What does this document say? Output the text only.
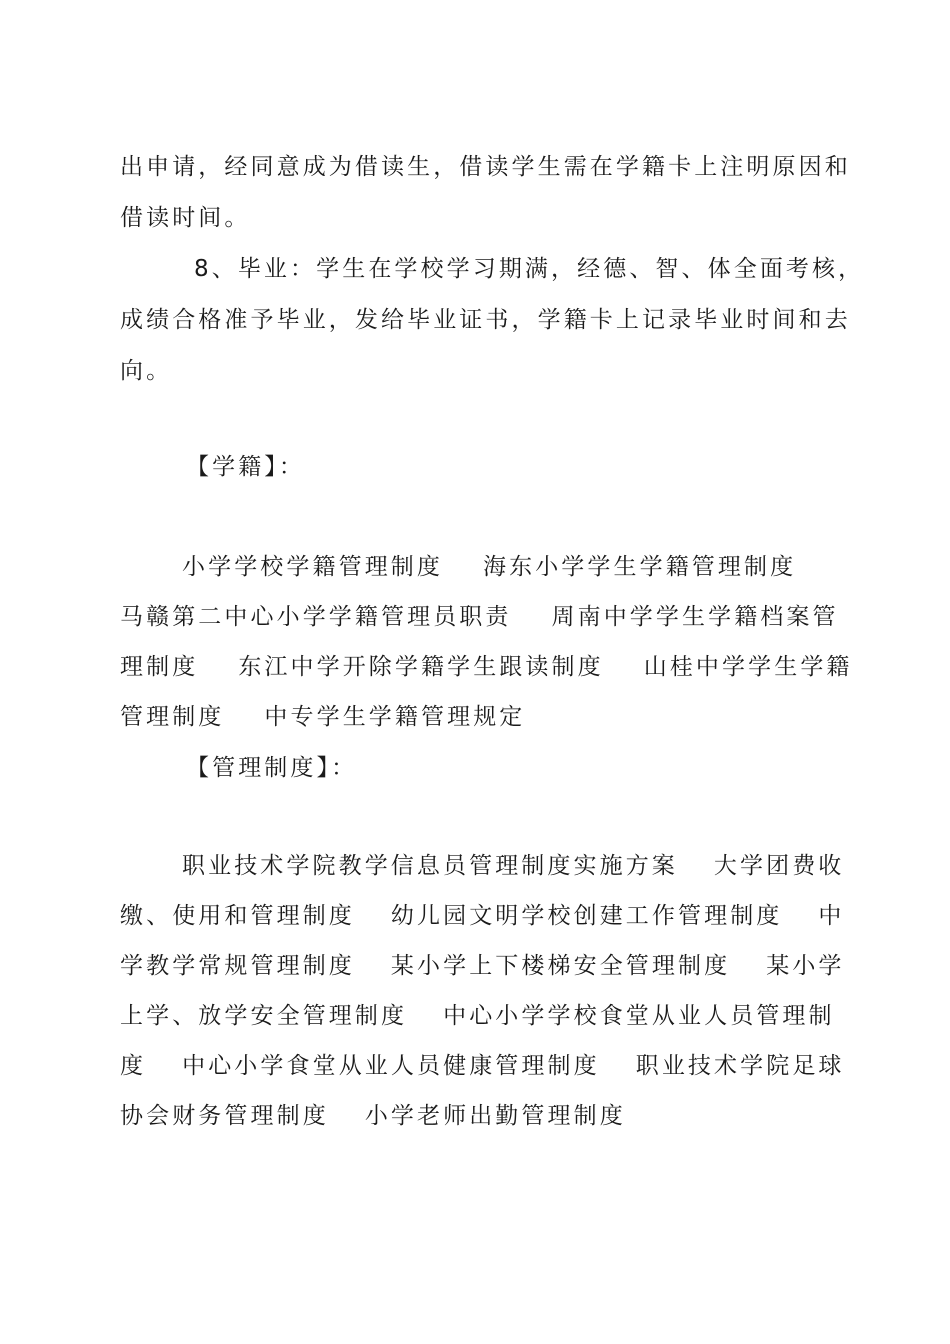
出申请，经同意成为借读生，借读学生需在学籍卡上注明原因和
借读时间。
8、毕业：学生在学校学习期满，经德、智、体全面考核，
成绩合格准予毕业，发给毕业证书，学籍卡上记录毕业时间和去
向。
【学籍】：
小学学校学籍管理制度 海东小学学生学籍管理制度
马赣第二中心小学学籍管理员职责 周南中学学生学籍档案管
理制度 东江中学开除学籍学生跟读制度 山桂中学学生学籍
管理制度 中专学生学籍管理规定
【管理制度】：
职业技术学院教学信息员管理制度实施方案 大学团费收
缴、使用和管理制度 幼儿园文明学校创建工作管理制度 中
学教学常规管理制度 某小学上下楼梯安全管理制度 某小学
上学、放学安全管理制度 中心小学学校食堂从业人员管理制
度 中心小学食堂从业人员健康管理制度 职业技术学院足球
协会财务管理制度 小学老师出勤管理制度
